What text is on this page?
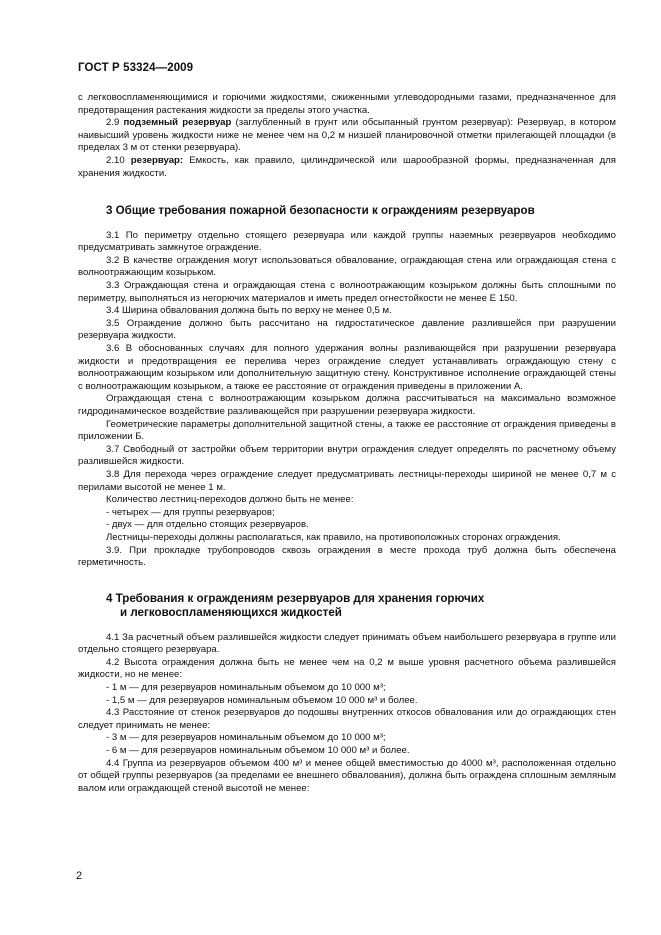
ГОСТ Р 53324—2009

с легковоспламеняющимися и горючими жидкостями, сжиженными углеводородными газами, предназначенное для предотвращения растекания жидкости за пределы этого участка.

2.9 подземный резервуар (заглубленный в грунт или обсыпанный грунтом резервуар): Резервуар, в котором наивысший уровень жидкости ниже не менее чем на 0,2 м низшей планировочной отметки прилегающей площадки (в пределах 3 м от стенки резервуара).

2.10 резервуар: Емкость, как правило, цилиндрической или шарообразной формы, предназначенная для хранения жидкости.

3 Общие требования пожарной безопасности к ограждениям резервуаров

3.1 По периметру отдельно стоящего резервуара или каждой группы наземных резервуаров необходимо предусматривать замкнутое ограждение.

3.2 В качестве ограждения могут использоваться обвалование, ограждающая стена или ограждающая стена с волноотражающим козырьком.

3.3 Ограждающая стена и ограждающая стена с волноотражающим козырьком должны быть сплошными по периметру, выполняться из негорючих материалов и иметь предел огнестойкости не менее Е 150.

3.4 Ширина обвалования должна быть по верху не менее 0,5 м.

3.5 Ограждение должно быть рассчитано на гидростатическое давление разлившейся при разрушении резервуара жидкости.

3.6 В обоснованных случаях для полного удержания волны разливающейся при разрушении резервуара жидкости и предотвращения ее перелива через ограждение следует устанавливать ограждающую стену с волноотражающим козырьком или дополнительную защитную стену. Конструктивное исполнение ограждающей стены с волноотражающим козырьком, а также ее расстояние от ограждения приведены в приложении А.

Ограждающая стена с волноотражающим козырьком должна рассчитываться на максимально возможное гидродинамическое воздействие разливающейся при разрушении резервуара жидкости.

Геометрические параметры дополнительной защитной стены, а также ее расстояние от ограждения приведены в приложении Б.

3.7 Свободный от застройки объем территории внутри ограждения следует определять по расчетному объему разлившейся жидкости.

3.8 Для перехода через ограждение следует предусматривать лестницы-переходы шириной не менее 0,7 м с перилами высотой не менее 1 м.

Количество лестниц-переходов должно быть не менее:

- четырех — для группы резервуаров;

- двух — для отдельно стоящих резервуаров.

Лестницы-переходы должны располагаться, как правило, на противоположных сторонах ограждения.

3.9. При прокладке трубопроводов сквозь ограждения в месте прохода труб должна быть обеспечена герметичность.

4 Требования к ограждениям резервуаров для хранения горючих
и легковоспламеняющихся жидкостей

4.1 За расчетный объем разлившейся жидкости следует принимать объем наибольшего резервуара в группе или отдельно стоящего резервуара.

4.2 Высота ограждения должна быть не менее чем на 0,2 м выше уровня расчетного объема разлившейся жидкости, но не менее:

- 1 м — для резервуаров номинальным объемом до 10 000 м³;

- 1,5 м — для резервуаров номинальным объемом 10 000 м³ и более.

4.3 Расстояние от стенок резервуаров до подошвы внутренних откосов обвалования или до ограждающих стен следует принимать не менее:

- 3 м — для резервуаров номинальным объемом до 10 000 м³;

- 6 м — для резервуаров номинальным объемом 10 000 м³ и более.

4.4 Группа из резервуаров объемом 400 м³ и менее общей вместимостью до 4000 м³, расположенная отдельно от общей группы резервуаров (за пределами ее внешнего обвалования), должна быть ограждена сплошным земляным валом или ограждающей стеной высотой не менее:

2
